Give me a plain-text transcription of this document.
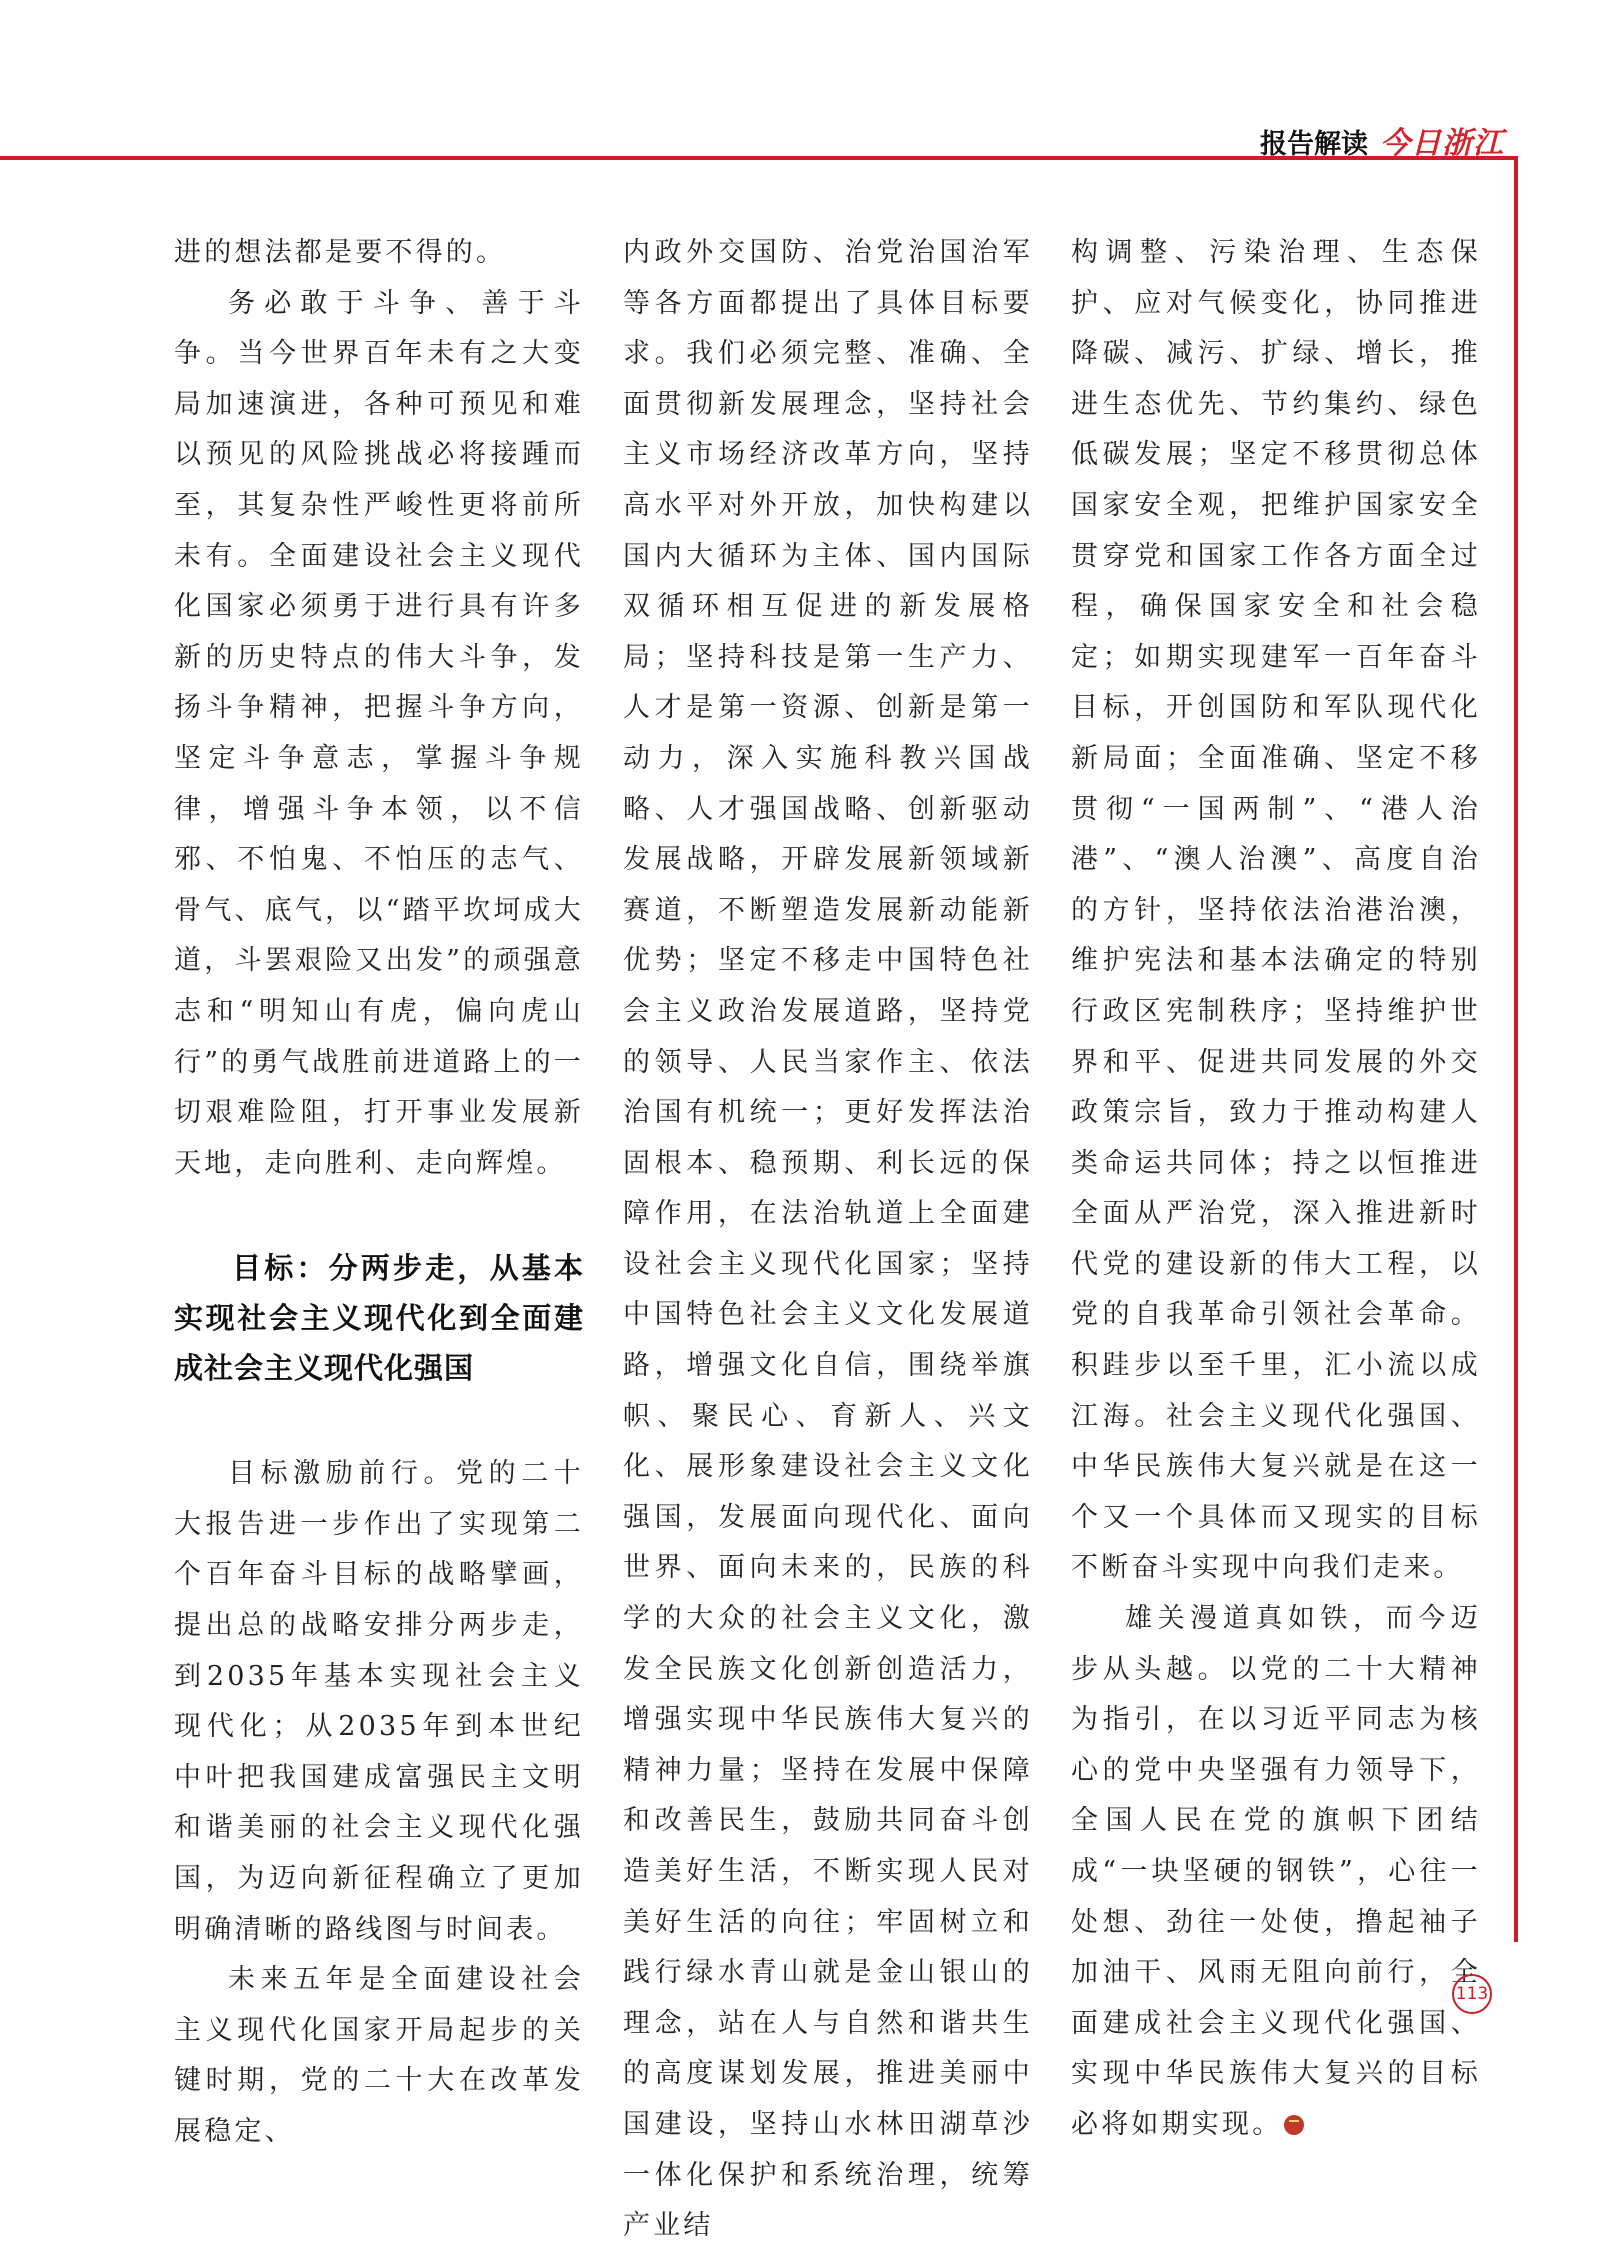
报告解读 今日浙江

进的想法都是要不得的。

务必敢于斗争、善于斗争。当今世界百年未有之大变局加速演进，各种可预见和难以预见的风险挑战必将接踵而至，其复杂性严峻性更将前所未有。全面建设社会主义现代化国家必须勇于进行具有许多新的历史特点的伟大斗争，发扬斗争精神，把握斗争方向，坚定斗争意志，掌握斗争规律，增强斗争本领，以不信邪、不怕鬼、不怕压的志气、骨气、底气，以“踏平坎坷成大道，斗罢艰险又出发”的顽强意志和“明知山有虎，偏向虎山行”的勇气战胜前进道路上的一切艰难险阻，打开事业发展新天地，走向胜利、走向辉煌。

目标：分两步走，从基本实现社会主义现代化到全面建成社会主义现代化强国

目标激励前行。党的二十大报告进一步作出了实现第二个百年奋斗目标的战略擘画，提出总的战略安排分两步走，到2035年基本实现社会主义现代化；从2035年到本世纪中叶把我国建成富强民主文明和谐美丽的社会主义现代化强国，为迈向新征程确立了更加明确清晰的路线图与时间表。

未来五年是全面建设社会主义现代化国家开局起步的关键时期，党的二十大在改革发展稳定、

内政外交国防、治党治国治军等各方面都提出了具体目标要求。我们必须完整、准确、全面贯彻新发展理念，坚持社会主义市场经济改革方向，坚持高水平对外开放，加快构建以国内大循环为主体、国内国际双循环相互促进的新发展格局；坚持科技是第一生产力、人才是第一资源、创新是第一动力，深入实施科教兴国战略、人才强国战略、创新驱动发展战略，开辟发展新领域新赛道，不断塑造发展新动能新优势；坚定不移走中国特色社会主义政治发展道路，坚持党的领导、人民当家作主、依法治国有机统一；更好发挥法治固根本、稳预期、利长远的保障作用，在法治轨道上全面建设社会主义现代化国家；坚持中国特色社会主义文化发展道路，增强文化自信，围绕举旗帜、聚民心、育新人、兴文化、展形象建设社会主义文化强国，发展面向现代化、面向世界、面向未来的，民族的科学的大众的社会主义文化，激发全民族文化创新创造活力，增强实现中华民族伟大复兴的精神力量；坚持在发展中保障和改善民生，鼓励共同奋斗创造美好生活，不断实现人民对美好生活的向往；牢固树立和践行绿水青山就是金山银山的理念，站在人与自然和谐共生的高度谋划发展，推进美丽中国建设，坚持山水林田湖草沙一体化保护和系统治理，统筹产业结

构调整、污染治理、生态保护、应对气候变化，协同推进降碳、减污、扩绿、增长，推进生态优先、节约集约、绿色低碳发展；坚定不移贯彻总体国家安全观，把维护国家安全贯穿党和国家工作各方面全过程，确保国家安全和社会稳定；如期实现建军一百年奋斗目标，开创国防和军队现代化新局面；全面准确、坚定不移贯彻“一国两制”、“港人治港”、“澳人治澳”、高度自治的方针，坚持依法治港治澳，维护宪法和基本法确定的特别行政区宪制秩序；坚持维护世界和平、促进共同发展的外交政策宗旨，致力于推动构建人类命运共同体；持之以恒推进全面从严治党，深入推进新时代党的建设新的伟大工程，以党的自我革命引领社会革命。积跬步以至千里，汇小流以成江海。社会主义现代化强国、中华民族伟大复兴就是在这一个又一个具体而又现实的目标不断奋斗实现中向我们走来。

雄关漫道真如铁，而今迈步从头越。以党的二十大精神为指引，在以习近平同志为核心的党中央坚强有力领导下，全国人民在党的旗帜下团结成“一块坚硬的钢铁”，心往一处想、劲往一处使，撸起袖子加油干、风雨无阻向前行，全面建成社会主义现代化强国、实现中华民族伟大复兴的目标必将如期实现。

113
